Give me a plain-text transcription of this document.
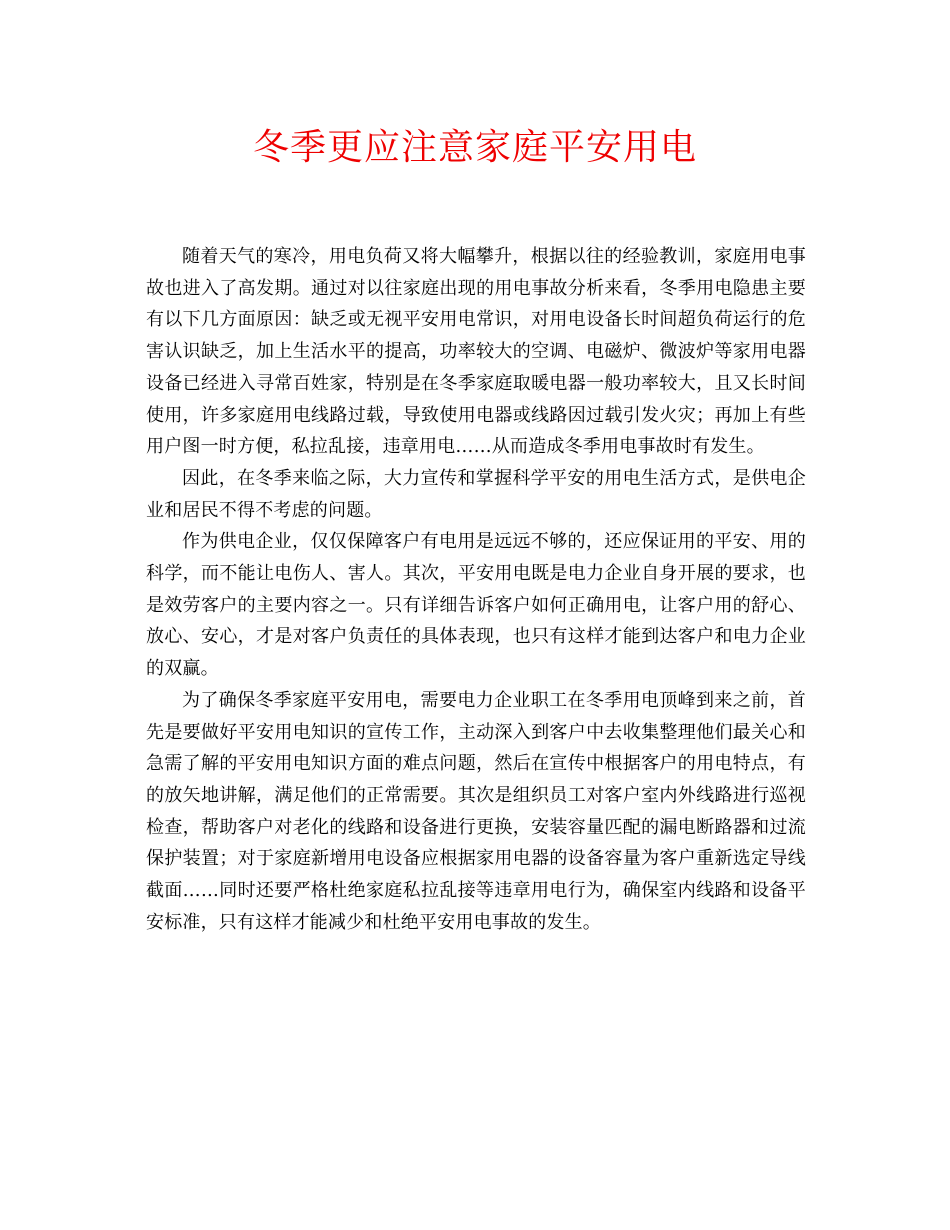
冬季更应注意家庭平安用电

随着天气的寒冷，用电负荷又将大幅攀升，根据以往的经验教训，家庭用电事故也进入了高发期。通过对以往家庭出现的用电事故分析来看，冬季用电隐患主要有以下几方面原因：缺乏或无视平安用电常识，对用电设备长时间超负荷运行的危害认识缺乏，加上生活水平的提高，功率较大的空调、电磁炉、微波炉等家用电器设备已经进入寻常百姓家，特别是在冬季家庭取暖电器一般功率较大，且又长时间使用，许多家庭用电线路过载，导致使用电器或线路因过载引发火灾；再加上有些用户图一时方便，私拉乱接，违章用电……从而造成冬季用电事故时有发生。

因此，在冬季来临之际，大力宣传和掌握科学平安的用电生活方式，是供电企业和居民不得不考虑的问题。

作为供电企业，仅仅保障客户有电用是远远不够的，还应保证用的平安、用的科学，而不能让电伤人、害人。其次，平安用电既是电力企业自身开展的要求，也是效劳客户的主要内容之一。只有详细告诉客户如何正确用电，让客户用的舒心、放心、安心，才是对客户负责任的具体表现，也只有这样才能到达客户和电力企业的双赢。

为了确保冬季家庭平安用电，需要电力企业职工在冬季用电顶峰到来之前，首先是要做好平安用电知识的宣传工作，主动深入到客户中去收集整理他们最关心和急需了解的平安用电知识方面的难点问题，然后在宣传中根据客户的用电特点，有的放矢地讲解，满足他们的正常需要。其次是组织员工对客户室内外线路进行巡视检查，帮助客户对老化的线路和设备进行更换，安装容量匹配的漏电断路器和过流保护装置；对于家庭新增用电设备应根据家用电器的设备容量为客户重新选定导线截面……同时还要严格杜绝家庭私拉乱接等违章用电行为，确保室内线路和设备平安标准，只有这样才能减少和杜绝平安用电事故的发生。
